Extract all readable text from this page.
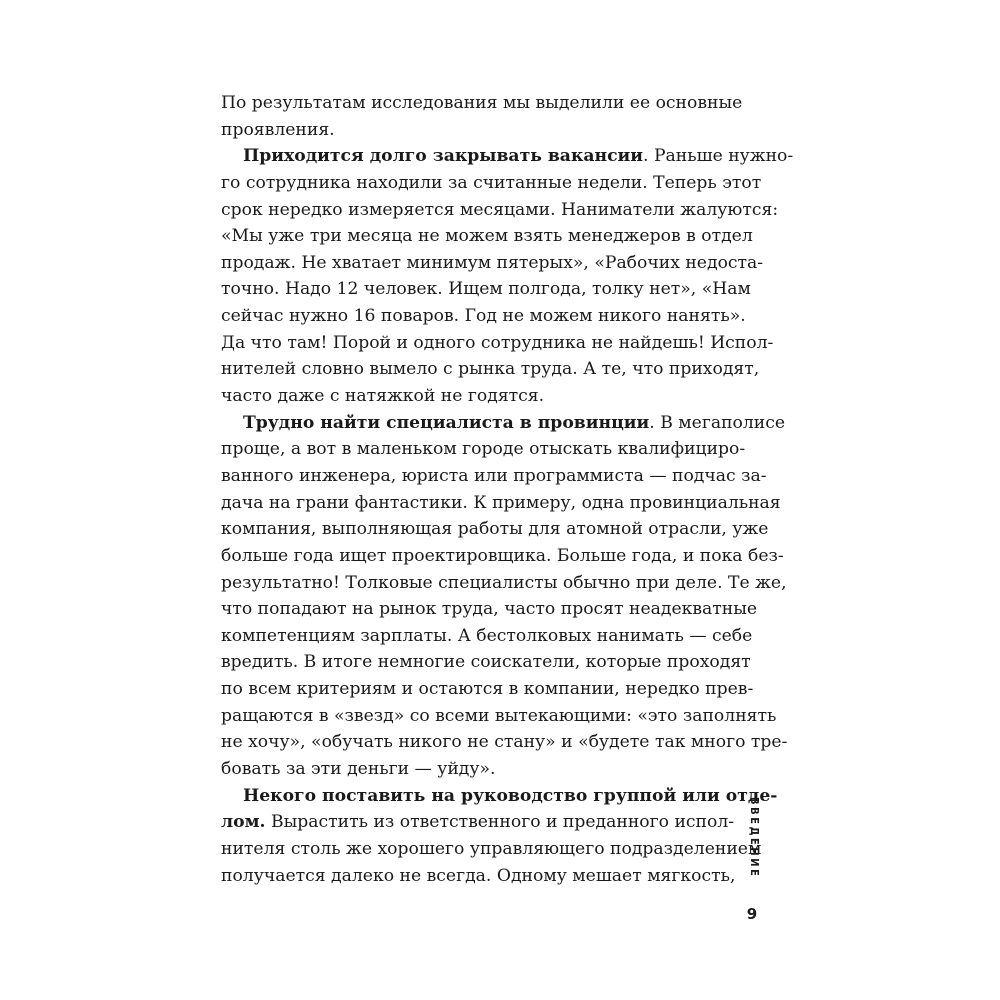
По результатам исследования мы выделили ее основные
проявления.
Приходится долго закрывать вакансии. Раньше нужно-
го сотрудника находили за считанные недели. Теперь этот
срок нередко измеряется месяцами. Наниматели жалуются:
«Мы уже три месяца не можем взять менеджеров в отдел
продаж. Не хватает минимум пятерых», «Рабочих недоста-
точно. Надо 12 человек. Ищем полгода, толку нет», «Нам
сейчас нужно 16 поваров. Год не можем никого нанять».
Да что там! Порой и одного сотрудника не найдешь! Испол-
нителей словно вымело с рынка труда. А те, что приходят,
часто даже с натяжкой не годятся.
Трудно найти специалиста в провинции. В мегаполисе
проще, а вот в маленьком городе отыскать квалифициро-
ванного инженера, юриста или программиста — подчас за-
дача на грани фантастики. К примеру, одна провинциальная
компания, выполняющая работы для атомной отрасли, уже
больше года ищет проектировщика. Больше года, и пока без-
результатно! Толковые специалисты обычно при деле. Те же,
что попадают на рынок труда, часто просят неадекватные
компетенциям зарплаты. А бестолковых нанимать — себе
вредить. В итоге немногие соискатели, которые проходят
по всем критериям и остаются в компании, нередко прев-
ращаются в «звезд» со всеми вытекающими: «это заполнять
не хочу», «обучать никого не стану» и «будете так много тре-
бовать за эти деньги — уйду».
Некого поставить на руководство группой или отде-
лом. Вырастить из ответственного и преданного испол-
нителя столь же хорошего управляющего подразделением
получается далеко не всегда. Одному мешает мягкость,	ВВЕДЕНИЕ
9
